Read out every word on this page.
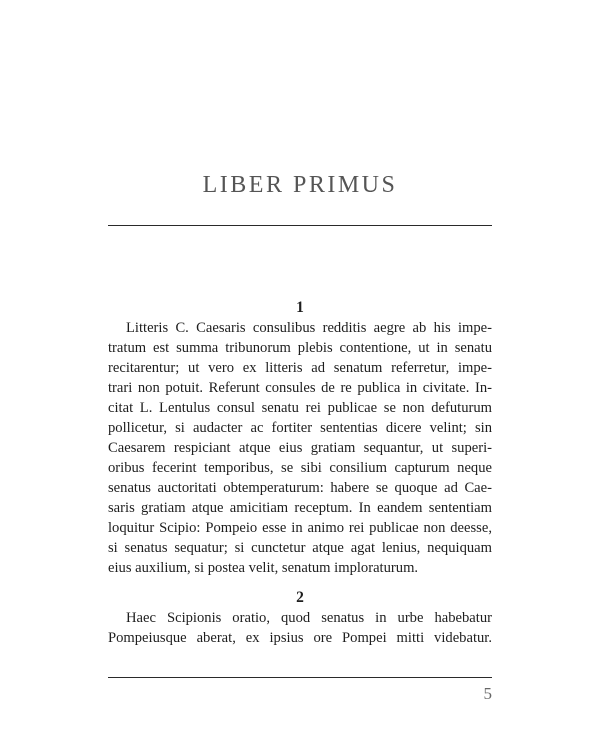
LIBER PRIMUS

1

Litteris C. Caesaris consulibus redditis aegre ab his impe-
tratum est summa tribunorum plebis contentione, ut in senatu
recitarentur; ut vero ex litteris ad senatum referretur, impe-
trari non potuit. Referunt consules de re publica in civitate. In-
citat L. Lentulus consul senatu rei publicae se non defuturum
pollicetur, si audacter ac fortiter sententias dicere velint; sin
Caesarem respiciant atque eius gratiam sequantur, ut superi-
oribus fecerint temporibus, se sibi consilium capturum neque
senatus auctoritati obtemperaturum: habere se quoque ad Cae-
saris gratiam atque amicitiam receptum. In eandem sententiam
loquitur Scipio: Pompeio esse in animo rei publicae non deesse,
si senatus sequatur; si cunctetur atque agat lenius, nequiquam
eius auxilium, si postea velit, senatum imploraturum.

2

Haec Scipionis oratio, quod senatus in urbe habebatur
Pompeiusque aberat, ex ipsius ore Pompei mitti videbatur.

5
